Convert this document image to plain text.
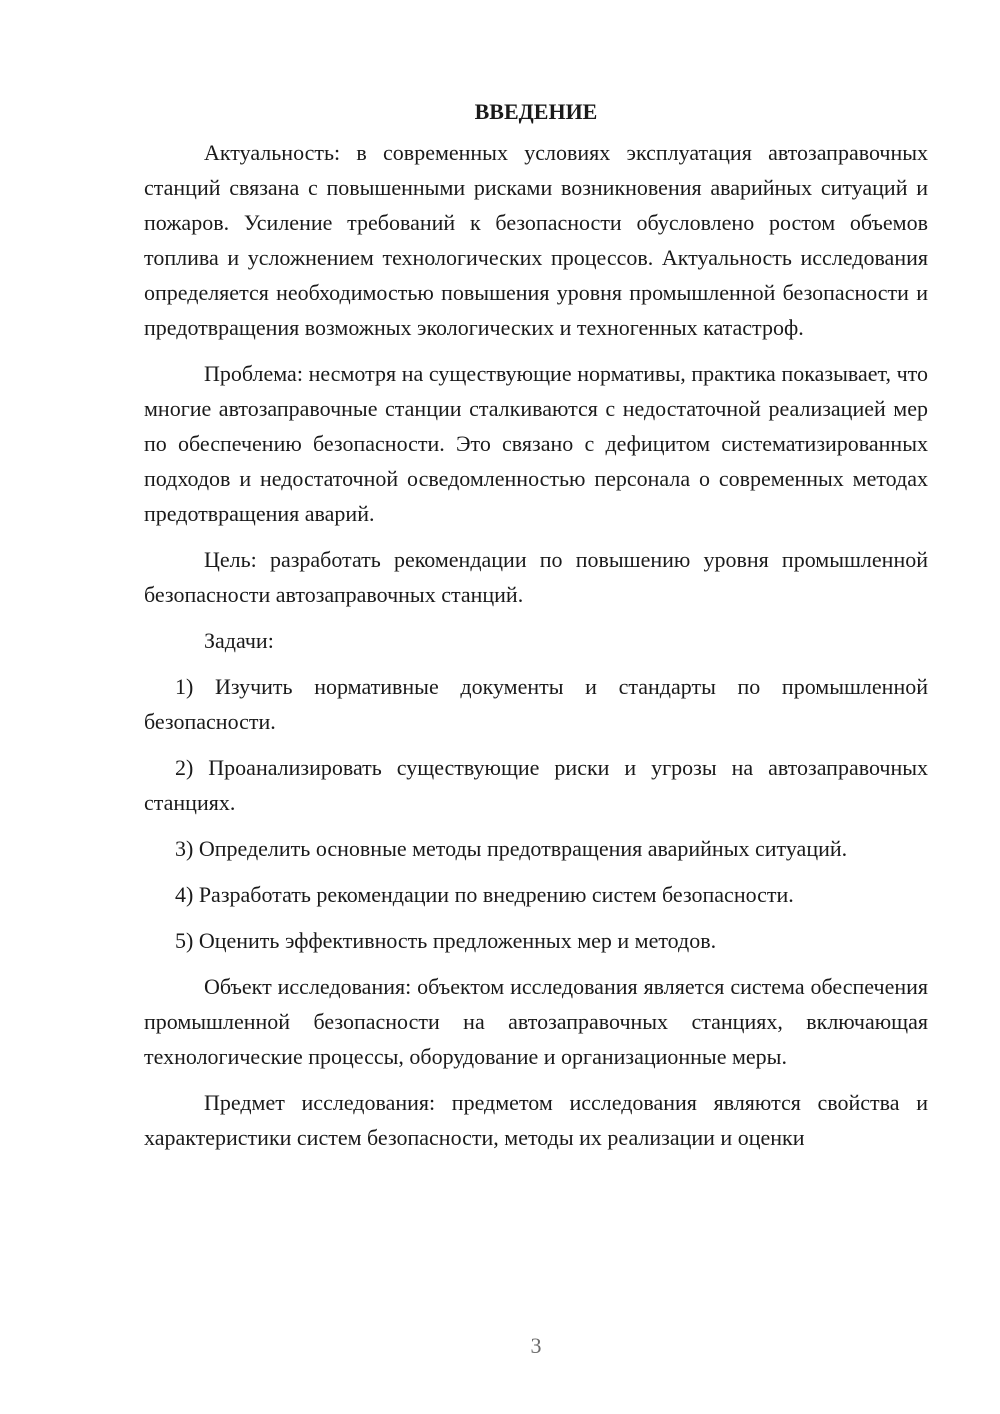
ВВЕДЕНИЕ

Актуальность: в современных условиях эксплуатация автозаправочных станций связана с повышенными рисками возникновения аварийных ситуаций и пожаров. Усиление требований к безопасности обусловлено ростом объемов топлива и усложнением технологических процессов. Актуальность исследования определяется необходимостью повышения уровня промышленной безопасности и предотвращения возможных экологических и техногенных катастроф.

Проблема: несмотря на существующие нормативы, практика показывает, что многие автозаправочные станции сталкиваются с недостаточной реализацией мер по обеспечению безопасности. Это связано с дефицитом систематизированных подходов и недостаточной осведомленностью персонала о современных методах предотвращения аварий.

Цель: разработать рекомендации по повышению уровня промышленной безопасности автозаправочных станций.

Задачи:

1) Изучить нормативные документы и стандарты по промышленной безопасности.

2) Проанализировать существующие риски и угрозы на автозаправочных станциях.

3) Определить основные методы предотвращения аварийных ситуаций.

4) Разработать рекомендации по внедрению систем безопасности.

5) Оценить эффективность предложенных мер и методов.

Объект исследования: объектом исследования является система обеспечения промышленной безопасности на автозаправочных станциях, включающая технологические процессы, оборудование и организационные меры.

Предмет исследования: предметом исследования являются свойства и характеристики систем безопасности, методы их реализации и оценки

3
